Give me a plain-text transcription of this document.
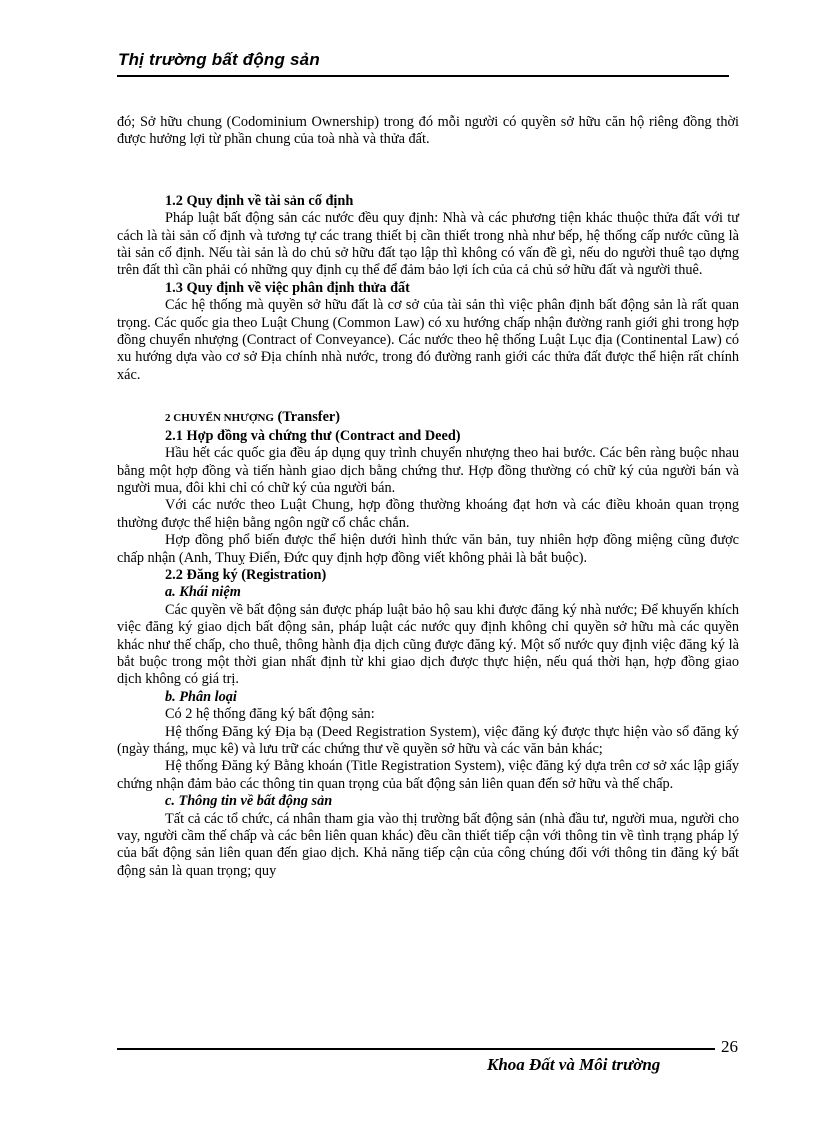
Thị trường bất động sản

đó; Sở hữu chung (Codominium Ownership) trong đó mỗi người có quyền sở hữu căn hộ riêng đồng thời được hưởng lợi từ phần chung của toà nhà và thửa đất.

1.2 Quy định về tài sản cố định

Pháp luật bất động sản các nước đều quy định: Nhà và các phương tiện khác thuộc thửa đất với tư cách là tài sản cố định và tương tự các trang thiết bị cần thiết trong nhà như bếp, hệ thống cấp nước cũng là tài sản cố định. Nếu tài sản là do chủ sở hữu đất tạo lập thì không có vấn đề gì, nếu do người thuê tạo dựng trên đất thì cần phải có những quy định cụ thể để đảm bảo lợi ích của cả chủ sở hữu đất và người thuê.

1.3 Quy định về việc phân định thửa đất

Các hệ thống mà quyền sở hữu đất là cơ sở của tài sản thì việc phân định bất động sản là rất quan trọng. Các quốc gia theo Luật Chung (Common Law) có xu hướng chấp nhận đường ranh giới ghi trong hợp đồng chuyển nhượng (Contract of Conveyance). Các nước theo hệ thống Luật Lục địa (Continental Law) có xu hướng dựa vào cơ sở Địa chính nhà nước, trong đó đường ranh giới các thửa đất được thể hiện rất chính xác.

2 CHUYỂN NHƯỢNG (Transfer)

2.1 Hợp đồng và chứng thư (Contract and Deed)

Hầu hết các quốc gia đều áp dụng quy trình chuyển nhượng theo hai bước. Các bên ràng buộc nhau bằng một hợp đồng và tiến hành giao dịch bằng chứng thư. Hợp đồng thường có chữ ký của người bán và người mua, đôi khi chỉ có chữ ký của người bán.

Với các nước theo Luật Chung, hợp đồng thường khoáng đạt hơn và các điều khoản quan trọng thường được thể hiện bằng ngôn ngữ cổ chắc chắn.

Hợp đồng phổ biến được thể hiện dưới hình thức văn bản, tuy nhiên hợp đồng miệng cũng được chấp nhận (Anh, Thuỵ Điển, Đức quy định hợp đồng viết không phải là bắt buộc).

2.2 Đăng ký (Registration)

a. Khái niệm

Các quyền về bất động sản được pháp luật bảo hộ sau khi được đăng ký nhà nước; Để khuyến khích việc đăng ký giao dịch bất động sản, pháp luật các nước quy định không chỉ quyền sở hữu mà các quyền khác như thế chấp, cho thuê, thông hành địa dịch cũng được đăng ký. Một số nước quy định việc đăng ký là bắt buộc trong một thời gian nhất định từ khi giao dịch được thực hiện, nếu quá thời hạn, hợp đồng giao dịch không có giá trị.

b. Phân loại

Có 2 hệ thống đăng ký bất động sản:

Hệ thống Đăng ký Địa bạ (Deed Registration System), việc đăng ký được thực hiện vào sổ đăng ký (ngày tháng, mục kê) và lưu trữ các chứng thư về quyền sở hữu và các văn bản khác;

Hệ thống Đăng ký Bằng khoán (Title Registration System), việc đăng ký dựa trên cơ sở xác lập giấy chứng nhận đảm bảo các thông tin quan trọng của bất động sản liên quan đến sở hữu và thế chấp.

c. Thông tin về bất động sản

Tất cả các tổ chức, cá nhân tham gia vào thị trường bất động sản (nhà đầu tư, người mua, người cho vay, người cầm thế chấp và các bên liên quan khác) đều cần thiết tiếp cận với thông tin về tình trạng pháp lý của bất động sản liên quan đến giao dịch. Khả năng tiếp cận của công chúng đối với thông tin đăng ký bất động sản là quan trọng; quy

26
Khoa Đất và Môi trường
